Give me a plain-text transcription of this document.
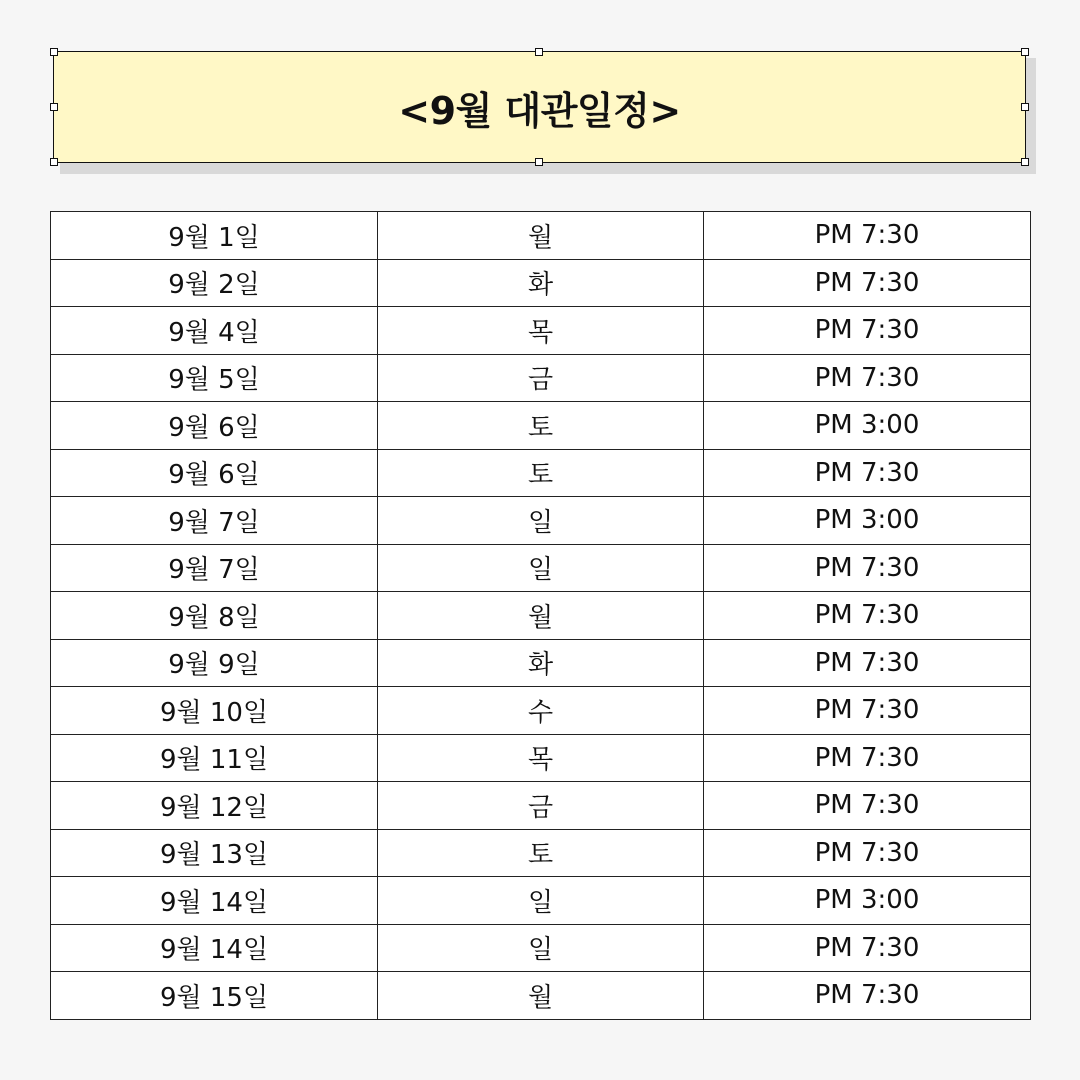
<9월 대관일정>
9월 1일	월	PM 7:30
9월 2일	화	PM 7:30
9월 4일	목	PM 7:30
9월 5일	금	PM 7:30
9월 6일	토	PM 3:00
9월 6일	토	PM 7:30
9월 7일	일	PM 3:00
9월 7일	일	PM 7:30
9월 8일	월	PM 7:30
9월 9일	화	PM 7:30
9월 10일	수	PM 7:30
9월 11일	목	PM 7:30
9월 12일	금	PM 7:30
9월 13일	토	PM 7:30
9월 14일	일	PM 3:00
9월 14일	일	PM 7:30
9월 15일	월	PM 7:30
